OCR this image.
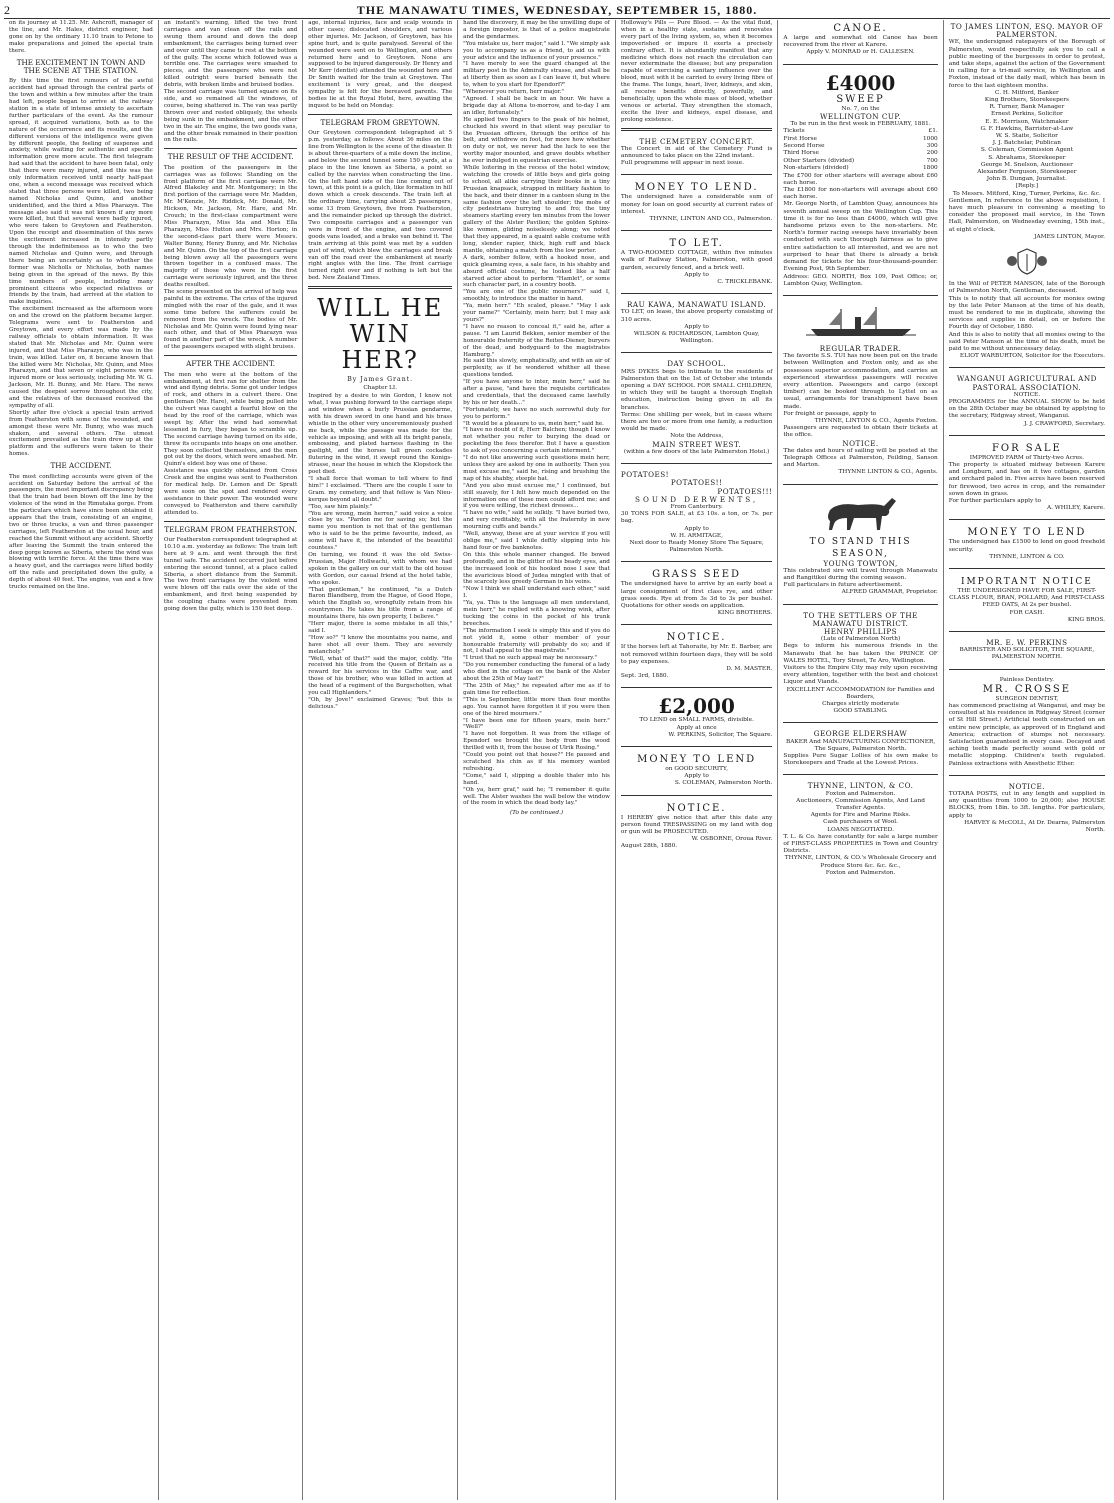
2	THE MANAWATU TIMES, WEDNESDAY, SEPTEMBER 15, 1880.

on its journey at 11.25. Mr. Ashcroft, manager of the line, and Mr. Hales, district engineer, had gone on by the ordinary 11.10 train to Petone to make preparations and joined the special train there.

THE EXCITEMENT IN TOWN AND THE SCENE AT THE STATION.

By this time the first rumours of the awful accident had spread through the central parts of the town and within a few minutes after the train had left, people began to arrive at the railway station in a state of intense anxiety to ascertain further particulars of the event. As the rumour spread, it acquired variations, both as to the nature of the occurrence and its results, and the different versions of the intelligence were given by different people, the feeling of suspense and anxiety, while waiting for authentic and specific information grew more acute. The first telegram had said that the accident to have been fatal, only that there were many injured, and this was the only information received until nearly half-past one, when a second message was received which stated that three persons were killed, two being named Nicholas and Quinn, and another unidentified, and the third a Miss Pharazyn. The message also said it was not known if any more were killed, but that several were badly injured, who were taken to Greytown and Featherston. Upon the receipt and dissemination of this news the excitement increased in intensity partly through the indefiniteness as to who the two named Nicholas and Quinn were, and through there being an uncertainty as to whether the former was Nicholls or Nicholas, both names being given in the spread of the news. By this time numbers of people, including many prominent citizens who expected relatives or friends by the train, had arrived at the station to make inquiries.

The excitement increased as the afternoon wore on and the crowd on the platform became larger. Telegrams were sent to Featherston and Greytown, and every effort was made by the railway officials to obtain information. It was stated that Mr. Nicholas and Mr. Quinn were injured, and that Miss Pharazyn, who was in the train, was killed. Later on, it became known that the killed were Mr. Nicholas, Mr. Quinn, and Miss Pharazyn, and that seven or eight persons were injured more or less seriously, including Mr. W. G. Jackson, Mr. H. Bunny, and Mr. Hare. The news caused the deepest sorrow throughout the city, and the relatives of the deceased received the sympathy of all.

Shortly after five o'clock a special train arrived from Featherston with some of the wounded, and amongst these were Mr. Bunny, who was much shaken, and several others. The utmost excitement prevailed as the train drew up at the platform and the sufferers were taken to their homes.

THE ACCIDENT.

The most conflicting accounts were given of the accident on Saturday before the arrival of the passengers, the most important discrepancy being that the train had been blown off the line by the violence of the wind in the Rimutaka gorge. From the particulars which have since been obtained it appears that the train, consisting of an engine, two or three trucks, a van and three passenger carriages, left Featherston at the usual hour, and reached the Summit without any accident. Shortly after leaving the Summit the train entered the deep gorge known as Siberia, where the wind was blowing with terrific force. At the time there was a heavy gust, and the carriages were lifted bodily off the rails and precipitated down the gully, a depth of about 40 feet. The engine, van and a few trucks remained on the line.

an instant's warning, lifted the two front carriages and van clean off the rails and swung them around and down the deep embankment, the carriages being turned over and over until they came to rest at the bottom of the gully. The scene which followed was a terrible one. The carriages were smashed to pieces, and the passengers who were not killed outright were buried beneath the debris, with broken limbs and bruised bodies.

The second carriage was turned square on its side, and so remained all the windows, of course, being shattered in. The van was partly thrown over and rested obliquely, the wheels being sunk in the embankment, and the other two in the air. The engine, the two goods vans, and the other break remained in their position on the rails.

THE RESULT OF THE ACCIDENT.

The position of the passengers in the carriages was as follows: Standing on the front platform of the first carriage were Mr. Alfred Blakeley and Mr. Montgomery; in the first portion of the carriage were Mr. Madden, Mr. M'Kenzie, Mr. Riddick, Mr. Donald, Mr. Hickson, Mr. Jackson, Mr. Hare, and Mr. Crouch; in the first-class compartment were Miss Pharazyn, Miss Ida and Miss Ella Pharazyn, Miss Hutton and Mrs. Horton; in the second-class part there were Messrs. Walter Bunny, Henry Bunny, and Mr. Nicholas and Mr. Quinn. On the top of the first carriage being blown away all the passengers were thrown together in a confused mass. The majority of those who were in the first carriage were seriously injured, and the three deaths resulted.

The scene presented on the arrival of help was painful in the extreme. The cries of the injured mingled with the roar of the gale, and it was some time before the sufferers could be removed from the wreck. The bodies of Mr. Nicholas and Mr. Quinn were found lying near each other, and that of Miss Pharazyn was found in another part of the wreck. A number of the passengers escaped with slight bruises.

AFTER THE ACCIDENT.

The men who were at the bottom of the embankment, at first ran for shelter from the wind and flying debris. Some got under ledges of rock, and others in a culvert there. One gentleman (Mr. Hare), while being pulled into the culvert was caught a fearful blow on the head by the roof of the carriage, which was swept by. After the wind had somewhat lessened in fury, they began to scramble up. The second carriage having turned on its side, threw its occupants into heaps on one another. They soon collected themselves, and the men got out by the doors, which were smashed. Mr. Quinn's eldest boy was one of these.

Assistance was quickly obtained from Cross Creek and the engine was sent to Featherston for medical help. Dr. Lemon and Dr. Spratt were soon on the spot and rendered every assistance in their power. The wounded were conveyed to Featherston and there carefully attended to.

TELEGRAM FROM FEATHERSTON.

Our Featherston correspondent telegraphed at 10.10 a.m. yesterday as follows: The train left here at 9 a.m. and went through the first tunnel safe. The accident occurred just before entering the second tunnel, at a place called Siberia, a short distance from the Summit. The two front carriages by the violent wind were blown off the rails over the side of the embankment, and first being suspended by the coupling chains were prevented from going down the gully, which is 150 feet deep.

age, internal injuries, face and scalp wounds in other cases; dislocated shoulders, and various other injuries. Mr. Jackson, of Greytown, has his spine hurt, and is quite paralysed. Several of the wounded were sent on to Wellington, and others returned here and to Greytown. None are supposed to be injured dangerously. Dr Henry and Mr Kerr (dentist) attended the wounded here and Dr Smith waited for the train at Greytown. The excitement is very great, and the deepest sympathy is felt for the bereaved parents. The bodies lie at the Royal Hotel, here, awaiting the inquest to be held on Monday.

TELEGRAM FROM GREYTOWN.

Our Greytown correspondent telegraphed at 5 p.m. yesterday, as follows: About 36 miles on the line from Wellington is the scene of the disaster. It is about three-quarters of a mile down the incline, and below the second tunnel some 150 yards, at a place in the line known as Siberia, a point so called by the navvies when constructing the line. On the left hand side of the line coming out of town, at this point is a gulch, like formation in hill down which a creek descends. The train left at the ordinary time, carrying about 25 passengers, some 13 from Greytown, five from Featherston, and the remainder picked up through the district. Two composite carriages and a passenger van were in front of the engine, and two covered goods vans loaded, and a brake van behind it. The train arriving at this point was met by a sudden gust of wind, which blew the carriages and break van off the road over the embankment at nearly right angles with the line. The front carriage turned right over and if nothing is left but the bed. New Zealand Times.

WILL HE WIN HER?
By James Grant.
Chapter LI.

Inspired by a desire to win Gordon, I know not what, I was pushing forward to the carriage steps and window when a burly Prussian gendarme, with his drawn sword in one hand and his brass whistle in the other very unceremoniously pushed me back, while the passage was made for the vehicle as imposing, and with all its bright panels, embossing, and plated harness flashing in the gaslight, and the horses tall green cockades flutering in the wind, it swept round the Konigs-strasse, near the house in which the Klopstock the poet died.

"I shall force that woman to tell where to find him!" I exclaimed. "There are the couple I saw to Gram. my cemetery, and that fellow is Van Nieu-kerque beyond all doubt."

"Too, saw him plainly."

"You are wrong, mein herren," said voice a voice close by us. "Pardon me for saving so; but the name you mention is not that of the gentleman who is said to be the prime favourite, indeed, as some will have it, the intended of the beautiful countess."

On turning, we found it was the old Swiss-Prussian, Major Hollwachi, with whom we had spoken in the gallery on our visit to the old house with Gordon, our casual friend at the hotel table, who spoke.

"That gentleman," he continued, "is a Dutch Baron Blandberg, from the Hague, of Good Hope, which the English so, wrongfully retain from his countrymen. He takes his title from a range of mountains there, his own property, I believe."

"Herr major, there is some mistake in all this," said I.

"How so?" "I know the mountains you name, and have shot all over them. They are severely melancholy."

"Well, what of that?" said the major, coldly. "He received his title from the Queen of Britain as a reward for his services in the Caffre war, and those of his brother, who was killed in action at the head of a regiment of the Burgschotten, what you call Highlanders."

"Oh, by Jove!" exclaimed Graves; "but this is delicious."

hand the discovery, it may be the unwilling dupe of a foreign impostor, is that of a police magistrate and the gendarmes.

"You mistake us, herr major," said I. "We simply ask you to accompany us as a friend, to aid us with your advice and the influence of your presence."

"I have merely to see the guard changed at the military post in the Admiralty strasse, and shall be at liberty then as soon as I can leave it, but where to, when to you start for Ependorf?"

"Whenever you return, herr major."

"Agreed. I shall be back in an hour. We have a brigade day at Altona to-morrow, and to-day I am an idler, fortunately."

He applied two fingers to the peak of his helmet, chucked his sword in that silent way peculiar to the Prussian officers, through the orifice of his belt, and withdrew on foot, for more how whether on duty or not, we never had the luck to see the worthy major mounted, and grave doubts whether he ever indulged in equestrian exercise.

While loitering in the recess of the hotel window, watching the crowds of little boys and girls going to school, all alike carrying their books in a tiny Prussian knapsack, strapped in military fashion to the back, and their dinner in a canteen slung in the same fashion over the left shoulder; the mobs of city pedestrians hurrying to and fro; the tiny steamers starting every ten minutes from the lower gallery of the Alster Pavilion; the golden Sphinx-like women, gliding noiselessly along; we noted that they appeared, in a quaint sable costume with long, slender rapier, thick, high ruff and black mantle, obtaining a match from the low porter.

A dark, somber fellow, with a hooked nose, and quick gleaming eyes, a sale face, in his shabby and absurd official costume, he looked like a half starved actor about to perform "Hamlet", or some such character part, in a country booth.

"You are one of the public mourners?" said I, smoothly, to introduce the matter in hand.

"Ya, mein herr." "Eh scaled, please." "May I ask your name?" "Certainly, mein herr; but I may ask yours?"

"I have no reason to conceal it," said he, after a pause. "I am Laurid Bekken, senior member of the honourable fraternity of the Reiten-Diener, buryers of the dead, and bodyguard to the magistrates Hamburg."

He said this slowly, emphatically, and with an air of perplexity, as if he wondered whither all these questions tended.

"If you have anyone to inter, mein herr," said he after a pause, "and have the requisite certificates and credentials, that the deceased came lawfully by his or her death..."

"Fortunately, we have no such sorrowful duty for you to perform."

"It would be a pleasure to us, mein herr," said he.

"I have no doubt of it, Herr Balchen; though I know not whether you refer to burying the dead or pocketing the fees therefor. But I have a question to ask of you concerning a certain interment."

"I do not like answering such questions mein herr, unless they are asked by one in authority. Then you must excuse me," said he, rising and brushing the nap of his shabby, steeple hat.

"And you also must excuse me," I continued, but still suavely, for I felt how much depended on the information one of these men could afford me; and if you were willing, the richest dresses...

"I have no wife," said he sulkily. "I have buried two, and very creditably, with all the fraternity in new mourning cuffs and bands."

"Well, anyway, these are at your service if you will oblige me," said I while deftly slipping into his hand four or five banknotes.

On this this whole manner changed. He bowed profoundly, and in the glitter of his beady eyes, and the increased look of his hooked nose I saw that the avaricious blood of Judea mingled with that of the scarcely less greedy German in his veins.

"Now I think we shall understand each other," said I.

"Ya, ya. This is the language all men understand, mein herr," he replied with a knowing wink, after tucking the coins in the pocket of his trunk breeches.

"The information I seek is simply this and if you do not yield it, some other member of your honourable fraternity will probably do so; and if not, I shall appeal to the magistrate."

"I trust that no such appeal may be necessary."

"Do you remember conducting the funeral of a lady who died in the cottage on the bank of the Alster about the 25th of May last?"

"The 25th of May," he repeated after me as if to gain time for reflection.

"This is September, little more than four months ago. You cannot have forgotten it if you were then one of the hired mourners."

"I have been one for fifteen years, mein herr." "Well?"

"I have not forgotten. It was from the village of Ependorf we brought the body from the wood thrilled with it, from the house of Ulrik Rosing."

"Could you point out that house?" He paused and scratched his chin as if his memory wanted refreshing.

"Come," said I, slipping a double thaler into his hand.

"Oh ya, herr graf," said he; "I remember it quite well. The Alster washes the wall below the window of the room in which the dead body lay."

(To be continued.)

Holloway's Pills — Pure Blood. — As the vital fluid, when in a healthy state, sustains and renovates every part of the living system, so, when it becomes impoverished or impure it exerts a precisely contrary effect. It is abundantly manifest that any medicine which does not reach the circulation can never exterminate the disease; but any preparation capable of exercising a sanitary influence over the blood, must with it be carried to every living fibre of the frame. The lungs, heart, liver, kidneys, and skin, all receive benefits directly, powerfully, and beneficially, upon the whole mass of blood, whether venous or arterial. They strengthen the stomach, excite the liver and kidneys, expel disease, and prolong existence.

THE CEMETERY CONCERT.

The Concert in aid of the Cemetery Fund is announced to take place on the 22nd instant.

Full programme will appear in next issue.

MONEY TO LEND.

The undersigned have a considerable sum of money for loan on good security at current rates of interest.

THYNNE, LINTON AND CO., Palmerston.
TO LET.

A TWO-ROOMED COTTAGE, within five minutes walk of Railway Station, Palmerston, with good garden, securely fenced, and a brick well.

Apply to
C. TRICKLEBANK.
RAU KAWA, MANAWATU ISLAND.

TO LET, on lease, the above property consisting of 310 acres.

Apply to
WILSON & RICHARDSON, Lambton Quay, Wellington.
DAY SCHOOL.

MRS DYKES begs to intimate to the residents of Palmerston that on the 1st of October she intends opening a DAY SCHOOL FOR SMALL CHILDREN, in which they will be taught a thorough English education, instruction being given in all its branches.

Terms: One shilling per week, but in cases where there are two or more from one family, a reduction would be made.

Note the Address,
MAIN STREET WEST.
(within a few doors of the late Palmerston Hotel.)
POTATOES!
POTATOES!!
POTATOES!!!
SOUND DERWENTS,
From Canterbury.

30 TONS FOR SALE, at £3 10s. a ton, or 7s. per bag.

Apply to
W. H. ARMITAGE,
Next door to Ready Money Store The Square, Palmerston North.
GRASS SEED

The undersigned have to arrive by an early boat a large consignment of first class rye, and other grass seeds. Rye at from 3s 3d to 3s per bushel. Quotations for other seeds on application.

KING BROTHERS.
NOTICE.

If the horses left at Tahoraite, by Mr. E. Barber, are not removed within fourteen days, they will be sold to pay expenses.

D. M. MASTER.
Sept. 3rd, 1880.
£2,000
TO LEND on SMALL FARMS, divisible.
Apply at once
W. PERKINS, Solicitor, The Square.
MONEY TO LEND
on GOOD SECURITY,
Apply to
S. COLEMAN, Palmerston North.
NOTICE.

I HEREBY give notice that after this date any person found TRESPASSING on my land with dog or gun will be PROSECUTED.

W. OSBORNE, Oroua River.
August 28th, 1880.
CANOE.

A large and somewhat old Canoe has been recovered from the river at Karere.

Apply V. MONRAD or H. CALLESEN.
£4000
SWEEP
No. 7, on the
WELLINGTON CUP.
To be run in the first week in FEBRUARY, 1881.
Tickets	£1.
First Horse	1000
Second Horse	300
Third Horse	200
Other Starters (divided)	700
Non-starters (divided)	1800

The £700 for other starters will average about £60 each horse.

The £1800 for non-starters will average about £60 each horse.

Mr. George North, of Lambton Quay, announces his seventh annual sweep on the Wellington Cup. This time it is for no less than £4000, which will give handsome prizes even to the non-starters. Mr. North's former racing sweeps have invariably been conducted with such thorough fairness as to give entire satisfaction to all interested, and we are not surprised to hear that there is already a brisk demand for tickets for his four-thousand-pounder. Evening Post, 9th September.

Address: GEO. NORTH, Box 109, Post Office; or, Lambton Quay, Wellington.

REGULAR TRADER.

The favorite S.S. TUI has now been put on the trade between Wellington and Foxton only, and as she possesses superior accommodation, and carries an experienced stewardess passengers will receive every attention. Passengers and cargo (except timber) can be booked through to Lyttel on as usual, arrangements for transhipment have been made.

For freight or passage, apply to

THYNNE, LINTON & CO., Agents Foxton.

Passengers are requested to obtain their tickets at the office.

NOTICE.

The dates and hours of sailing will be posted at the Telegraph Offices at Palmerston, Feilding, Sanson and Marton.

THYNNE LINTON & CO., Agents.
TO STAND THIS SEASON,
YOUNG TOWTON,

This celebrated sire will travel through Manawatu and Rangitikei during the coming season.

Full particulars in future advertisement.

ALFRED GRAMMAR, Proprietor.
TO THE SETTLERS OF THE MANAWATU DISTRICT.
HENRY PHILLIPS
(Late of Palmerston North)

Begs to inform his numerous friends in the Manawatu that he has taken the PRINCE OF WALES HOTEL, Tory Street, Te Aro, Wellington.

Visitors to the Empire City may rely upon receiving every attention, together with the best and choicest Liquor and Viands.

EXCELLENT ACCOMMODATION for Families and Boarders,
Charges strictly moderate
GOOD STABLING.
GEORGE ELDERSHAW
BAKER And MANUFACTURING CONFECTIONER, The Square, Palmerston North.

Supplies Pure Sugar Lollies of his own make to Storekeepers and Trade at the Lowest Prices.

THYNNE, LINTON, & CO.
Foxton and Palmerston.
Auctioneers, Commission Agents, And Land Transfer Agents.
Agents for Fire and Marine Risks.
Cash purchasers of Wool.
LOANS NEGOTIATED.

T. L. & Co. have constantly for sale a large number of FIRST-CLASS PROPERTIES in Town and Country Districts.

THYNNE, LINTON, & CO.'s Wholesale Grocery and Produce Store &c. &c. &c.,
Foxton and Palmerston.
TO JAMES LINTON, ESQ. MAYOR OF PALMERSTON.

WE, the undersigned ratepayers of the Borough of Palmerston, would respectfully ask you to call a public meeting of the burgesses in order to protest, and take steps, against the action of the Government in calling for a tri-mail service, in Wellington and Foxton, instead of the daily mail, which has been in force to the last eighteen months.

C. H. Mitford, Banker
King Brothers, Storekeepers
R. Turner, Bank Manager
Ernest Perkins, Solicitor
E. E. Morrison, Watchmaker
G. F. Hawkins, Barrister-at-Law
W. S. Staite, Solicitor
J. J. Batchelar, Publican
S. Coleman, Commission Agent
S. Abrahams, Storekeeper
George M. Snelson, Auctioneer
Alexander Ferguson, Storekeeper
John B. Dungan, Journalist.
[Reply.]
To Messrs. Mitford, King, Turner, Perkins, &c. &c.

Gentlemen, In reference to the above requisition, I have much pleasure in convening a meeting to consider the proposed mail service, in the Town Hall, Palmerston, on Wednesday evening, 15th inst., at eight o'clock.

JAMES LINTON, Mayor.

In the Will of PETER MANSON, late of the Borough of Palmerston North, Gentleman, deceased.

This is to notify that all accounts for monies owing by the late Peter Manson at the time of his death, must be rendered to me in duplicate, showing the services and supplies in detail, on or before the Fourth day of October, 1880.

And this is also to notify that all monies owing to the said Peter Manson at the time of his death, must be paid to me without unnecessary delay.

ELIOT WARBURTON, Solicitor for the Executors.
WANGANUI AGRICULTURAL AND PASTORAL ASSOCIATION.
NOTICE.

PROGRAMMES for the ANNUAL SHOW to be held on the 28th October may be obtained by applying to the secretary, Ridgway street, Wanganui.

J. J. CRAWFORD, Secretary.
FOR SALE
IMPROVED FARM of Thirty-two Acres.

The property is situated midway between Karere and Longburn, and has on it two cottages, garden and orchard paled in. Five acres have been reserved for firewood, two acres in crop, and the remainder sown down in grass.

For further particulars apply to

A. WHILEY, Karere.
MONEY TO LEND

The undersigned has £1500 to lend on good freehold security.

THYNNE, LINTON & CO.
IMPORTANT NOTICE
THE UNDERSIGNED HAVE FOR SALE, FIRST-CLASS FLOUR, BRAN, POLLARD, And FIRST-CLASS FEED OATS, At 2s per bushel.
FOR CASH.
KING BROS.
MR. E. W. PERKINS
BARRISTER AND SOLICITOR, THE SQUARE, PALMERSTON NORTH.
Painless Dentistry.
MR. CROSSE
SURGEON DENTIST,

has commenced practising at Wanganui, and may be consulted at his residence in Ridgway Street (corner of St Hill Street.) Artificial teeth constructed on an entire new principle, as approved of in England and America; extraction of stumps not necessary. Satisfaction guaranteed in every case. Decayed and aching teeth made perfectly sound with gold or metallic stopping. Children's teeth regulated. Painless extractions with Anesthetic Ether.

NOTICE.

TOTARA POSTS, cut in any length and supplied in any quantities from 1000 to 20,000; also HOUSE BLOCKS, from 18in. to 3ft. lengths. For particulars, apply to

HARVEY & McCOLL, At Dr. Dearns, Palmerston North.
